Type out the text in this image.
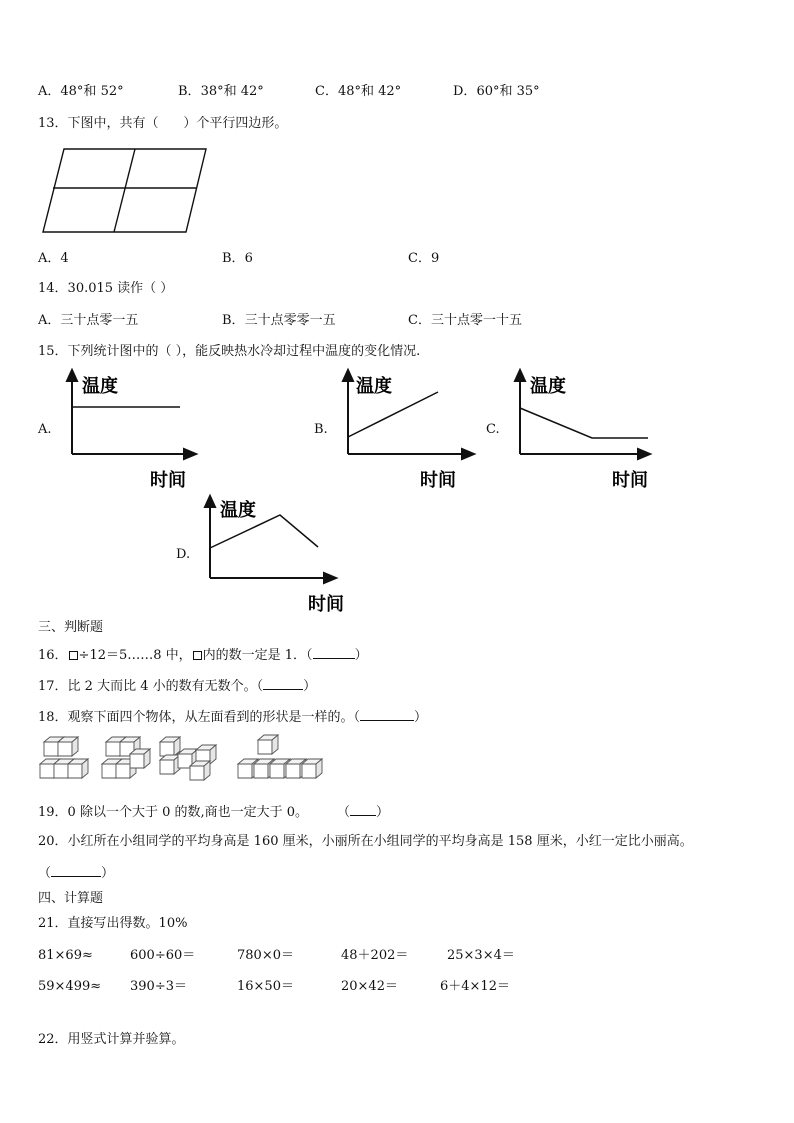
A．48°和 52°	B．38°和 42°	C．48°和 42°	D．60°和 35°
13．下图中，共有（ ）个平行四边形。
A．4	B．6	C．9
14．30.015 读作（ ）
A．三十点零一五	B．三十点零零一五	C．三十点零一十五
15．下列统计图中的（ ），能反映热水冷却过程中温度的变化情况.
A.
温度
时间
B.
温度
时间
C.
温度
时间
D.
温度
时间
三、判断题
16． ÷12＝5……8 中， 内的数一定是 1．（	）
17．比 2 大而比 4 小的数有无数个。（	）
18．观察下面四个物体，从左面看到的形状是一样的。（	）
19．0 除以一个大于 0 的数,商也一定大于 0。 （ ）
20．小红所在小组同学的平均身高是 160 厘米，小丽所在小组同学的平均身高是 158 厘米，小红一定比小丽高。
（	）
四、计算题
21．直接写出得数。10%
81×69≈	600÷60＝	780×0＝	48＋202＝	25×3×4＝
59×499≈ 390÷3＝	16×50＝	20×42＝	6＋4×12＝
22．用竖式计算并验算。
